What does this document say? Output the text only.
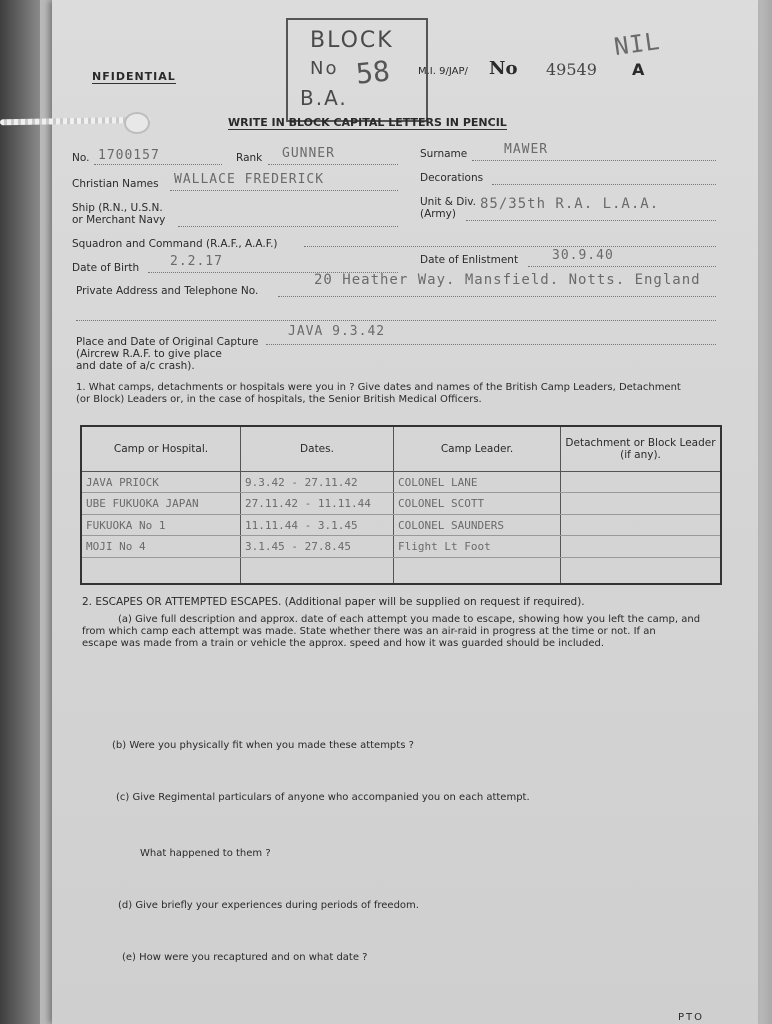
NFIDENTIAL
BLOCK
No
B.A.
58	M.I. 9/JAP/ No 49549 A
NIL
WRITE IN BLOCK CAPITAL LETTERS IN PENCIL
No. 1700157	Rank GUNNER	Surname	MAWER
Christian Names WALLACE FREDERICK	Decorations
Ship (R.N., U.S.N.
or Merchant Navy
Unit & Div.
(Army)
85/35th R.A. L.A.A.
Squadron and Command (R.A.F., A.A.F.)
Date of Birth 2.2.17	Date of Enlistment	30.9.40
Private Address and Telephone No.
20 Heather Way. Mansfield. Notts. England
Place and Date of Original Capture
(Aircrew R.A.F. to give place
and date of a/c crash).
JAVA 9.3.42
1. What camps, detachments or hospitals were you in ? Give dates and names of the British Camp Leaders, Detachment
(or Block) Leaders or, in the case of hospitals, the Senior British Medical Officers.
2. ESCAPES OR ATTEMPTED ESCAPES. (Additional paper will be supplied on request if required).
(a) Give full description and approx. date of each attempt you made to escape, showing how you left the camp, and
from which camp each attempt was made. State whether there was an air-raid in progress at the time or not. If an
escape was made from a train or vehicle the approx. speed and how it was guarded should be included.
(b) Were you physically fit when you made these attempts ?
(c) Give Regimental particulars of anyone who accompanied you on each attempt.
What happened to them ?
(d) Give briefly your experiences during periods of freedom.
(e) How were you recaptured and on what date ?
PTO
Camp or Hospital.	Dates.	Camp Leader.	Detachment or Block Leader (if any).
JAVA PRIOCK	9.3.42 - 27.11.42	COLONEL LANE	
UBE FUKUOKA JAPAN	27.11.42 - 11.11.44	COLONEL SCOTT	
FUKUOKA No 1	11.11.44 - 3.1.45	COLONEL SAUNDERS	
MOJI No 4	3.1.45 - 27.8.45	Flight Lt Foot	
